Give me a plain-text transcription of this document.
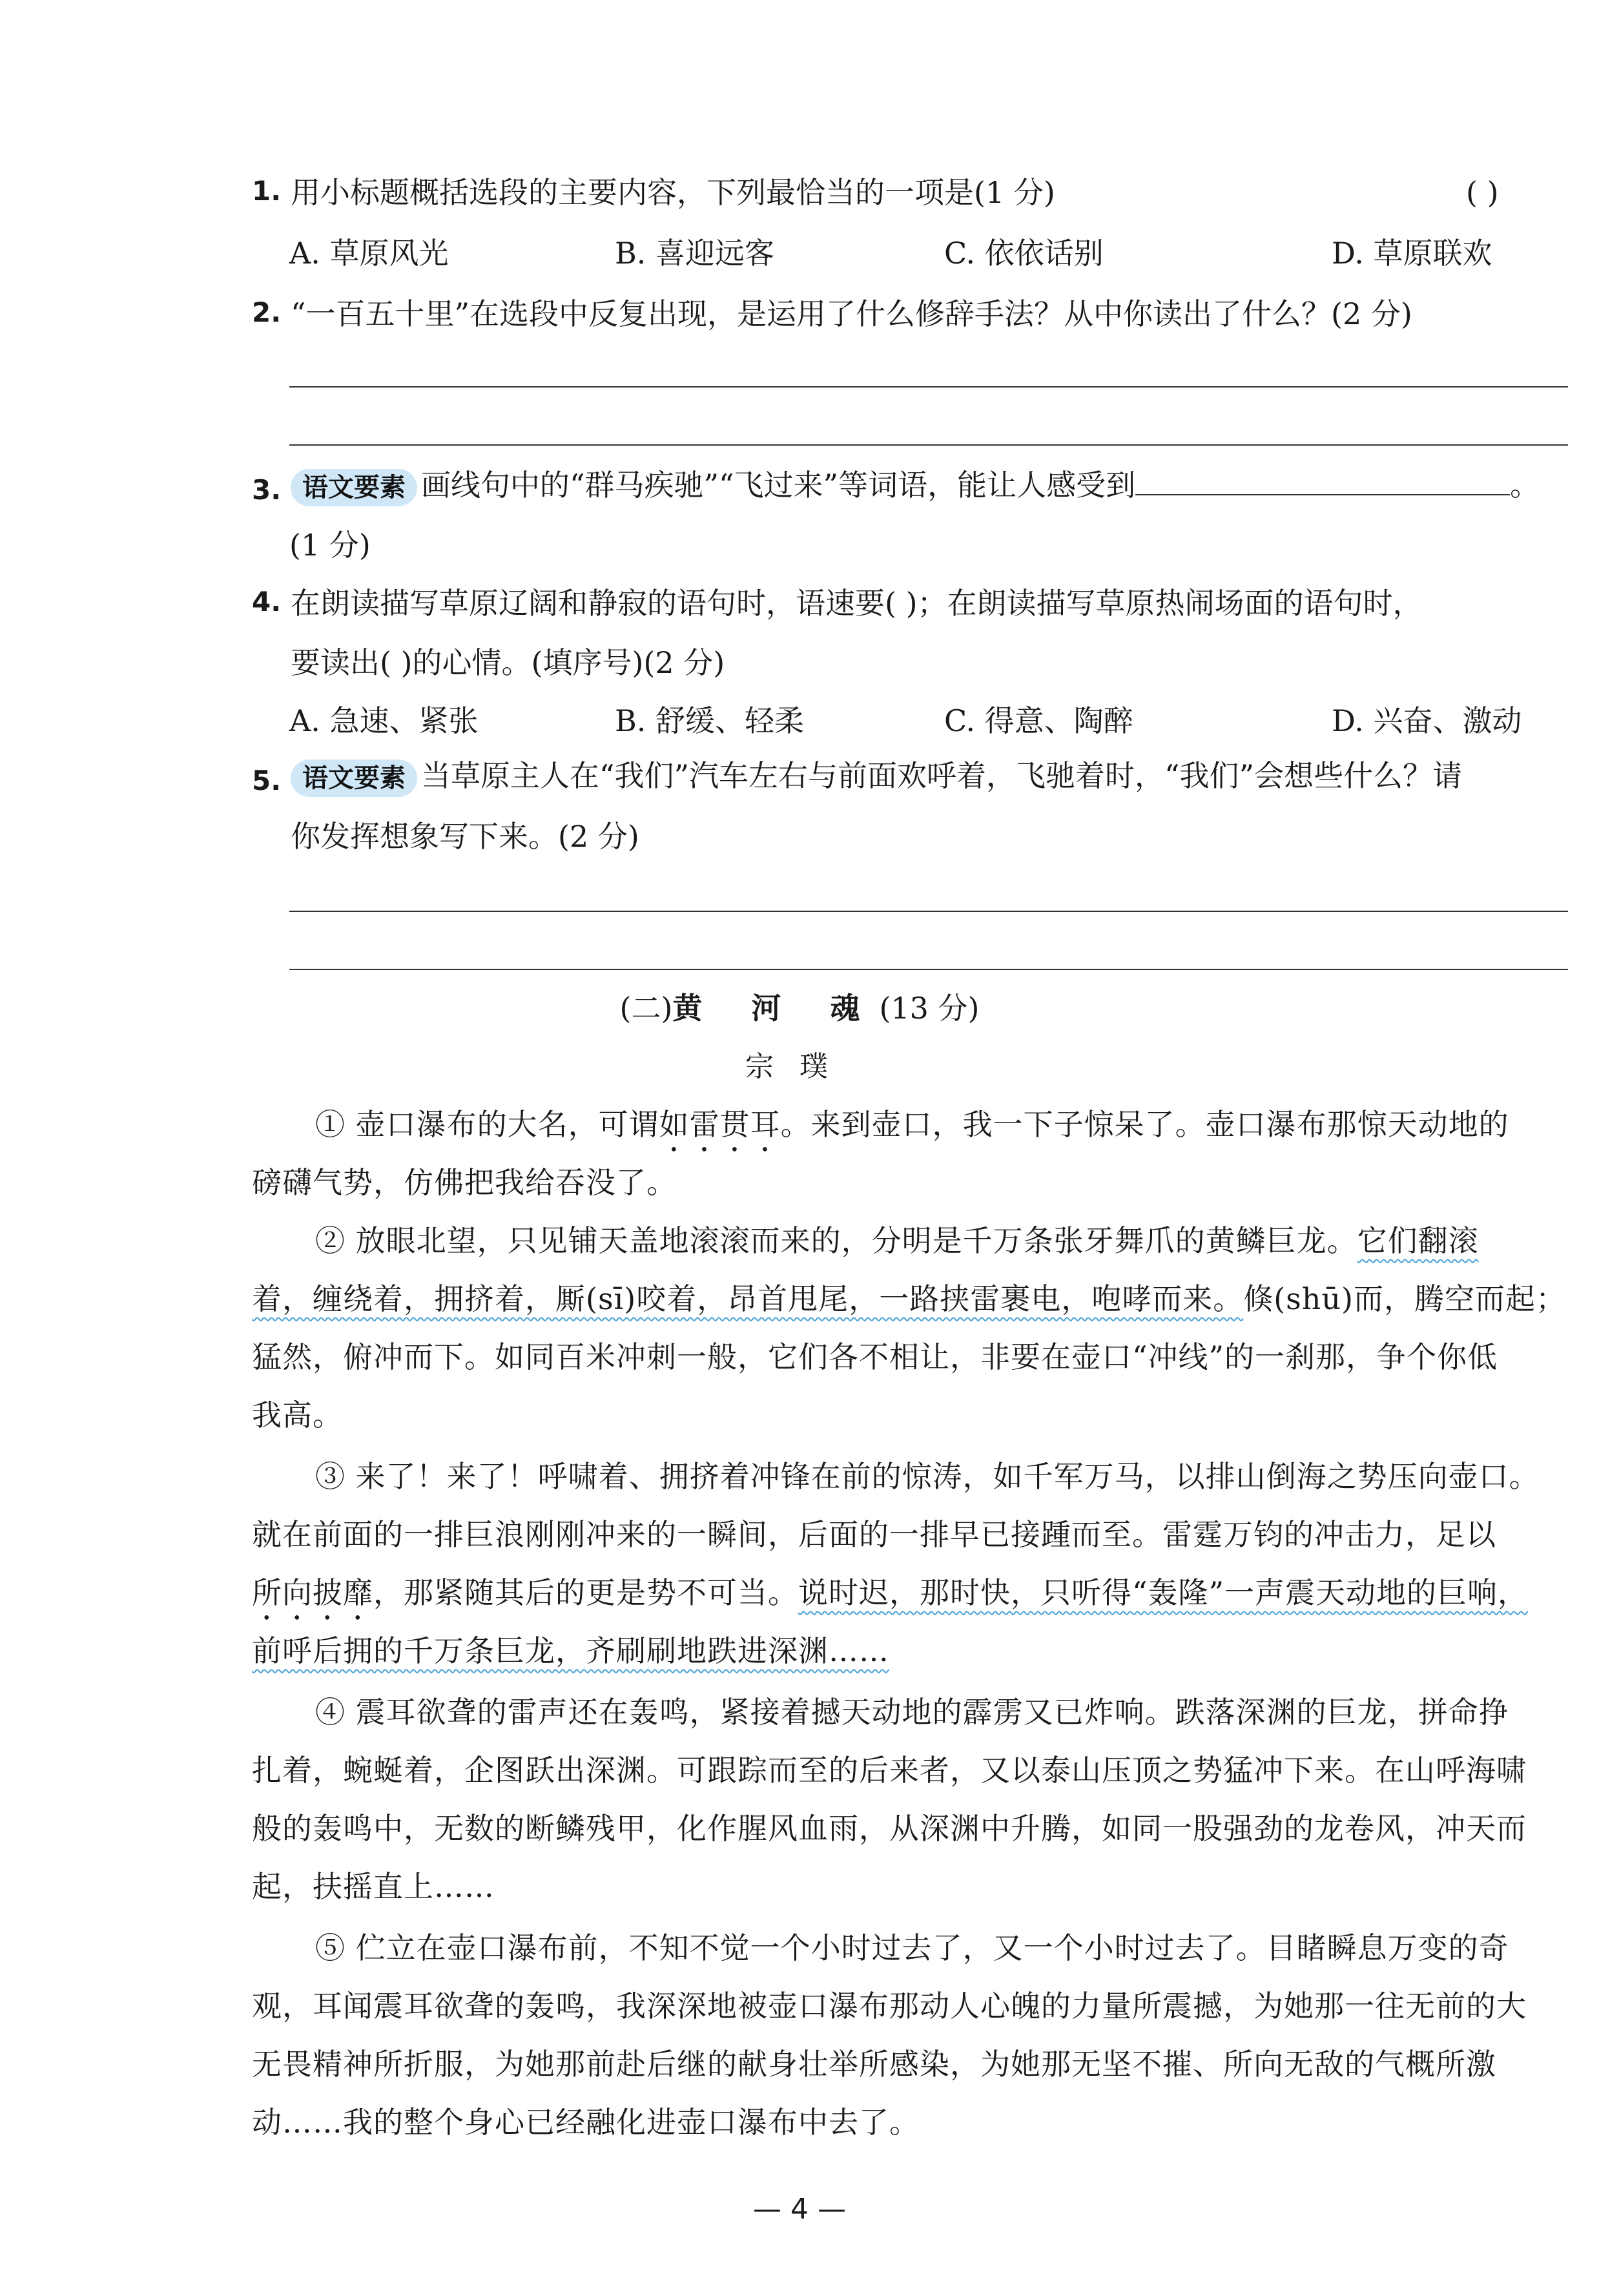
1. 用小标题概括选段的主要内容，下列最恰当的一项是(1 分)	( )
A. 草原风光	B. 喜迎远客	C. 依依话别	D. 草原联欢
2. “一百五十里”在选段中反复出现，是运用了什么修辞手法？从中你读出了什么？(2 分)
3. 语文要素 画线句中的“群马疾驰”“飞过来”等词语，能让人感受到	。
(1 分)
4. 在朗读描写草原辽阔和静寂的语句时，语速要( )；在朗读描写草原热闹场面的语句时，
要读出( )的心情。(填序号)(2 分)
A. 急速、紧张	B. 舒缓、轻柔	C. 得意、陶醉	D. 兴奋、激动
5. 语文要素 当草原主人在“我们”汽车左右与前面欢呼着，飞驰着时，“我们”会想些什么？请
你发挥想象写下来。(2 分)
(二)黄 河 魂(13 分)
宗璞
① 壶口瀑布的大名，可谓如雷贯耳。来到壶口，我一下子惊呆了。壶口瀑布那惊天动地的
磅礴气势，仿佛把我给吞没了。
② 放眼北望，只见铺天盖地滚滚而来的，分明是千万条张牙舞爪的黄鳞巨龙。它们翻滚
着，缠绕着，拥挤着，厮(sī)咬着，昂首甩尾，一路挟雷裹电，咆哮而来。倏(shū)而，腾空而起；
猛然，俯冲而下。如同百米冲刺一般，它们各不相让，非要在壶口“冲线”的一刹那，争个你低
我高。
③ 来了！来了！呼啸着、拥挤着冲锋在前的惊涛，如千军万马，以排山倒海之势压向壶口。
就在前面的一排巨浪刚刚冲来的一瞬间，后面的一排早已接踵而至。雷霆万钧的冲击力，足以
所向披靡，那紧随其后的更是势不可当。说时迟，那时快，只听得“轰隆”一声震天动地的巨响，
前呼后拥的千万条巨龙，齐刷刷地跌进深渊……
④ 震耳欲聋的雷声还在轰鸣，紧接着撼天动地的霹雳又已炸响。跌落深渊的巨龙，拼命挣
扎着，蜿蜒着，企图跃出深渊。可跟踪而至的后来者，又以泰山压顶之势猛冲下来。在山呼海啸
般的轰鸣中，无数的断鳞残甲，化作腥风血雨，从深渊中升腾，如同一股强劲的龙卷风，冲天而
起，扶摇直上……
⑤ 伫立在壶口瀑布前，不知不觉一个小时过去了，又一个小时过去了。目睹瞬息万变的奇
观，耳闻震耳欲聋的轰鸣，我深深地被壶口瀑布那动人心魄的力量所震撼，为她那一往无前的大
无畏精神所折服，为她那前赴后继的献身壮举所感染，为她那无坚不摧、所向无敌的气概所激
动……我的整个身心已经融化进壶口瀑布中去了。
— 4 —
